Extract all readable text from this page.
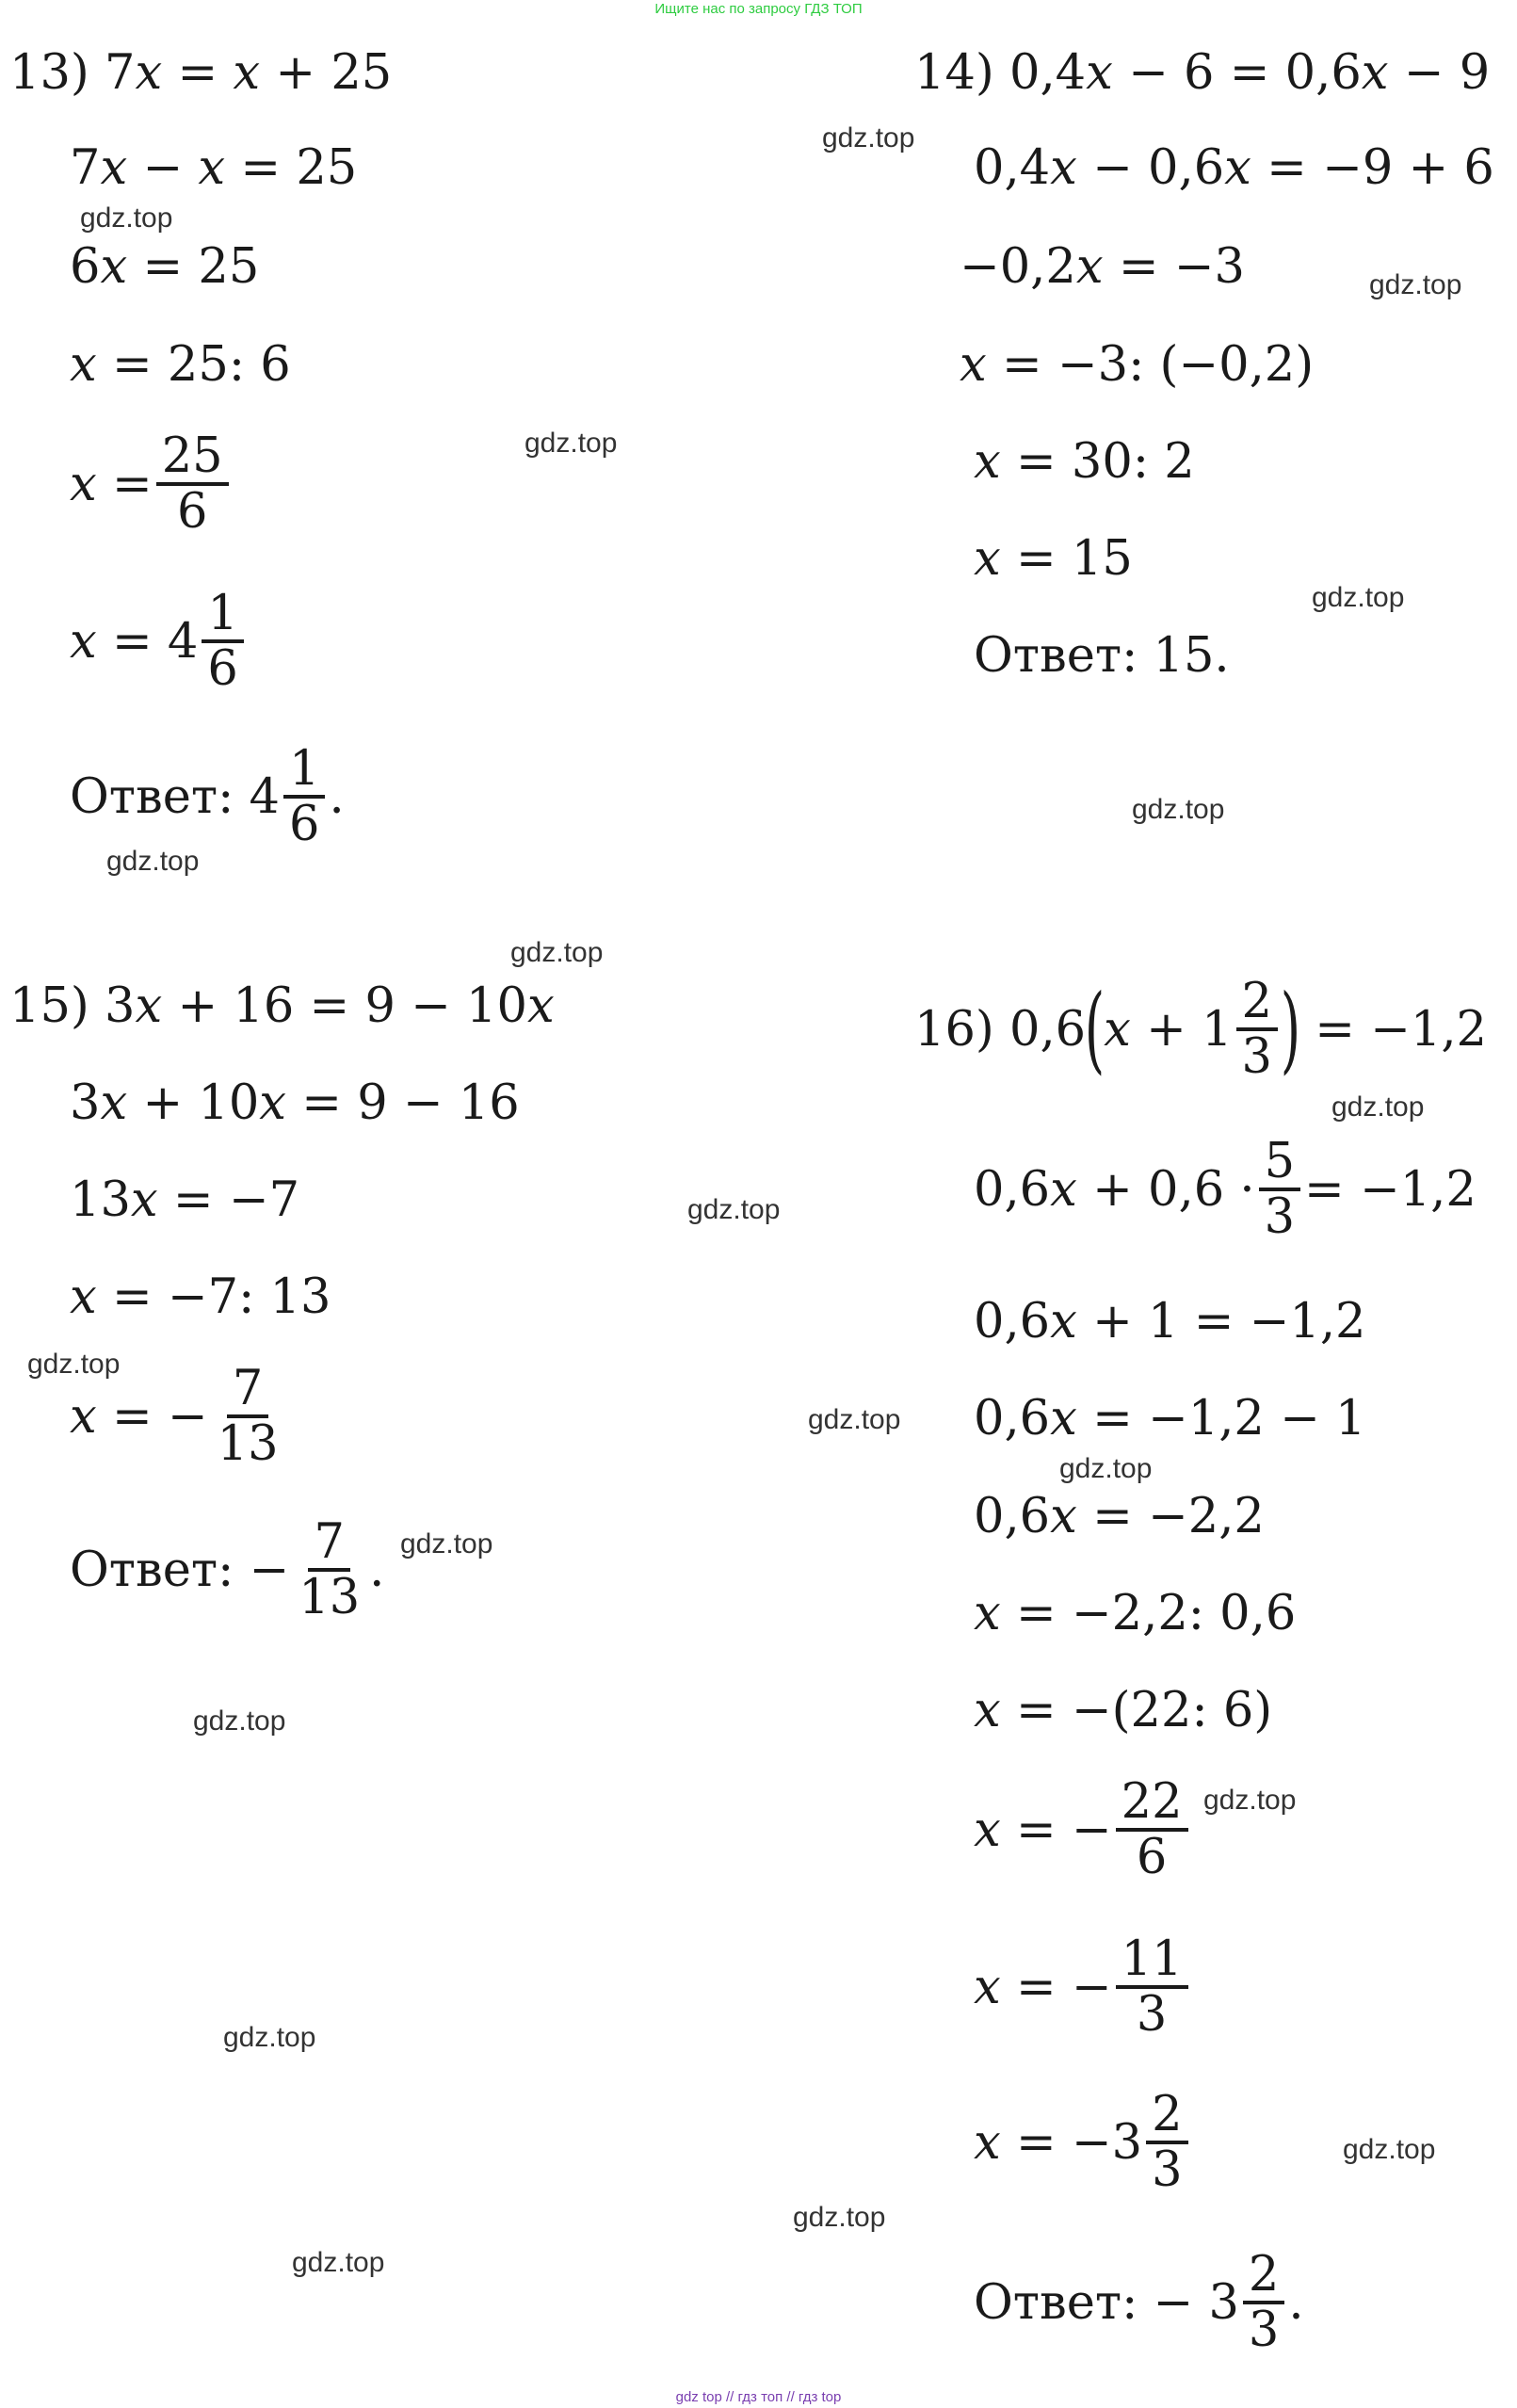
Ищите нас по запросу ГДЗ ТОП
13)
7 x
=
x
+ 25
7 x
−
x
= 25
6 x
= 25
x
= 25: 6
x
= $\frac{25}{6}$
x
= 4
1
6
Ответ: 4
1
6 .
14)
0,4 x
− 6 = 0,6 x
− 9
0,4 x
− 0,6 x
= −9 + 6
−0,2 x
= −3
x
= −3: (−0,2)
x
= 30: 2
x
= 15
Ответ: 15.
15)
3 x
+ 16 = 9 − 10 x
3 x
+ 10 x
= 9 − 16
13 x
= −7
x
= −7: 13
x
= − $\frac{7}{13}$
Ответ: − $\frac{7}{13}$ .
16) 0,6
(
x
+ 1
2
3 )
= −1,2
0,6 x
+ $0,6 \cdot \frac{5}{3} = -1,2$
0,6 x
+ 1 = −1,2
0,6 x
= −1,2 − 1
0,6 x
= −2,2
x
= −2,2: 0,6
x
= −(22: 6)
x
= − $\frac{22}{6}$
x
= − $\frac{11}{3}$
x
= −3
2
3
Ответ: − 3
2
3 .
gdz.top
gdz.top
gdz.top
gdz.top
gdz.top
gdz.top
gdz.top
gdz.top
gdz.top
gdz.top
gdz.top
gdz.top
gdz.top
gdz.top
gdz.top
gdz.top
gdz.top
gdz.top
gdz.top
gdz.top
gdz top // гдз топ // гдз top
